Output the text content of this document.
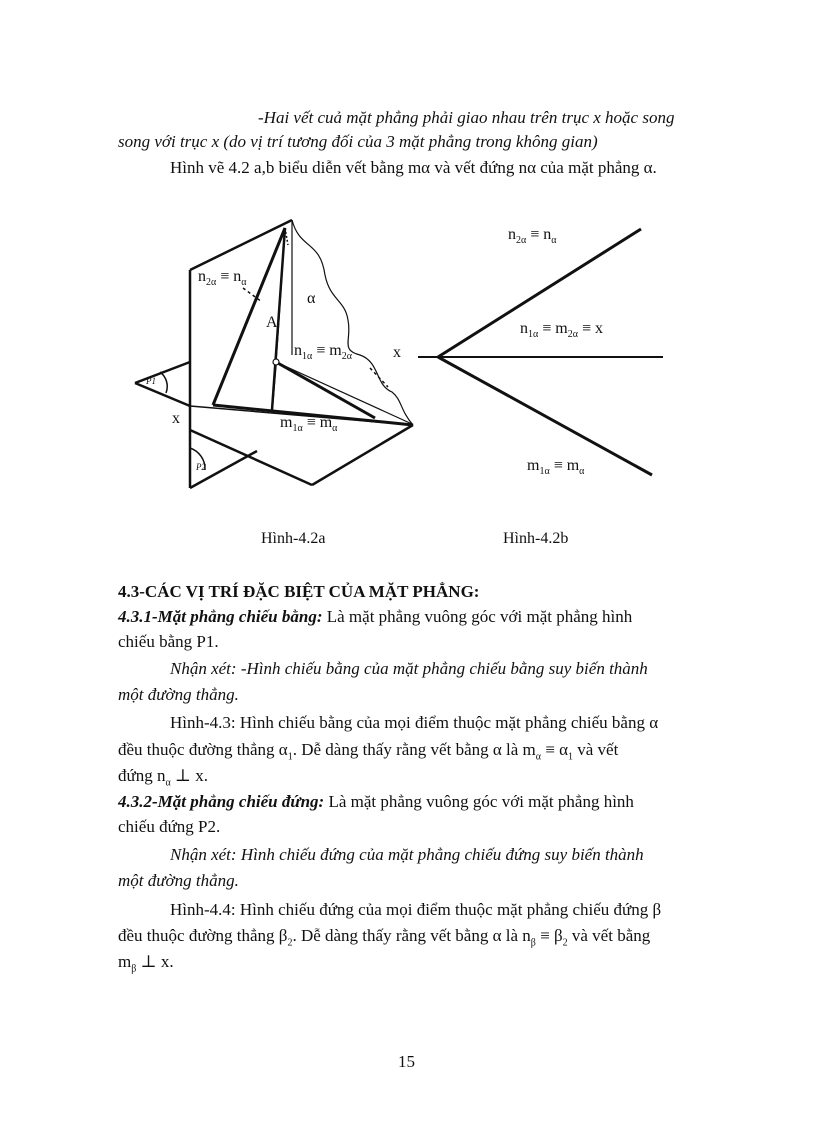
-Hai vết cuả mặt phẳng phải giao nhau trên trục x hoặc song
song với trục x (do vị trí tương đối của 3 mặt phẳng trong không gian)
Hình vẽ 4.2 a,b biểu diễn vết bằng mα và vết đứng nα của mặt phẳng α.
$n_{2\alpha} \equiv n_\alpha$
α
A
$n_{1\alpha} \equiv m_{2\alpha}$	x
x
P1
P2
$m_{1\alpha} \equiv m_\alpha$
Hình-4.2a
$n_{2\alpha} \equiv n_\alpha$
$n_{1\alpha} \equiv m_{2\alpha} \equiv x$
$m_{1\alpha} \equiv m_\alpha$
Hình-4.2b
4.3-CÁC VỊ TRÍ ĐẶC BIỆT CỦA MẶT PHẲNG:
4.3.1-Mặt phẳng chiếu bằng: Là mặt phẳng vuông góc với mặt phẳng hình
chiếu bằng P1.
Nhận xét: -Hình chiếu bằng của mặt phẳng chiếu bằng suy biến thành
một đường thẳng.
Hình-4.3: Hình chiếu bằng của mọi điểm thuộc mặt phẳng chiếu bằng α
đều thuộc đường thẳng $\alpha_1$. Dễ dàng thấy rằng vết bằng α là $m_\alpha \equiv \alpha_1$ và vết
đứng $n_\alpha$ ⊥ x.
4.3.2-Mặt phẳng chiếu đứng: Là mặt phẳng vuông góc với mặt phẳng hình
chiếu đứng P2.
Nhận xét: Hình chiếu đứng của mặt phẳng chiếu đứng suy biến thành
một đường thẳng.
Hình-4.4: Hình chiếu đứng của mọi điểm thuộc mặt phẳng chiếu đứng β
đều thuộc đường thẳng $\beta_2$. Dễ dàng thấy rằng vết bằng α là $n_\beta \equiv \beta_2$ và vết bằng
$m_\beta$ ⊥ x.
15
